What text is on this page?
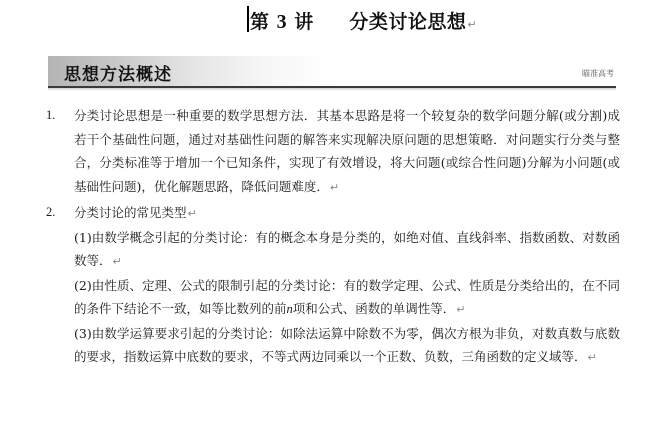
第 3 讲 分类讨论思想↵
思想方法概述	瞄准高考
1. 分类讨论思想是一种重要的数学思想方法．其基本思路是将一个较复杂的数学问题分解(或分割)成若干个基础性问题，通过对基础性问题的解答来实现解决原问题的思想策略．对问题实行分类与整合，分类标准等于增加一个已知条件，实现了有效增设，将大问题(或综合性问题)分解为小问题(或基础性问题)，优化解题思路，降低问题难度．↵
2. 分类讨论的常见类型↵
(1)由数学概念引起的分类讨论：有的概念本身是分类的，如绝对值、直线斜率、指数函数、对数函数等．↵
(2)由性质、定理、公式的限制引起的分类讨论：有的数学定理、公式、性质是分类给出的，在不同的条件下结论不一致，如等比数列的前n项和公式、函数的单调性等．↵
(3)由数学运算要求引起的分类讨论：如除法运算中除数不为零，偶次方根为非负，对数真数与底数的要求，指数运算中底数的要求，不等式两边同乘以一个正数、负数，三角函数的定义域等．↵
